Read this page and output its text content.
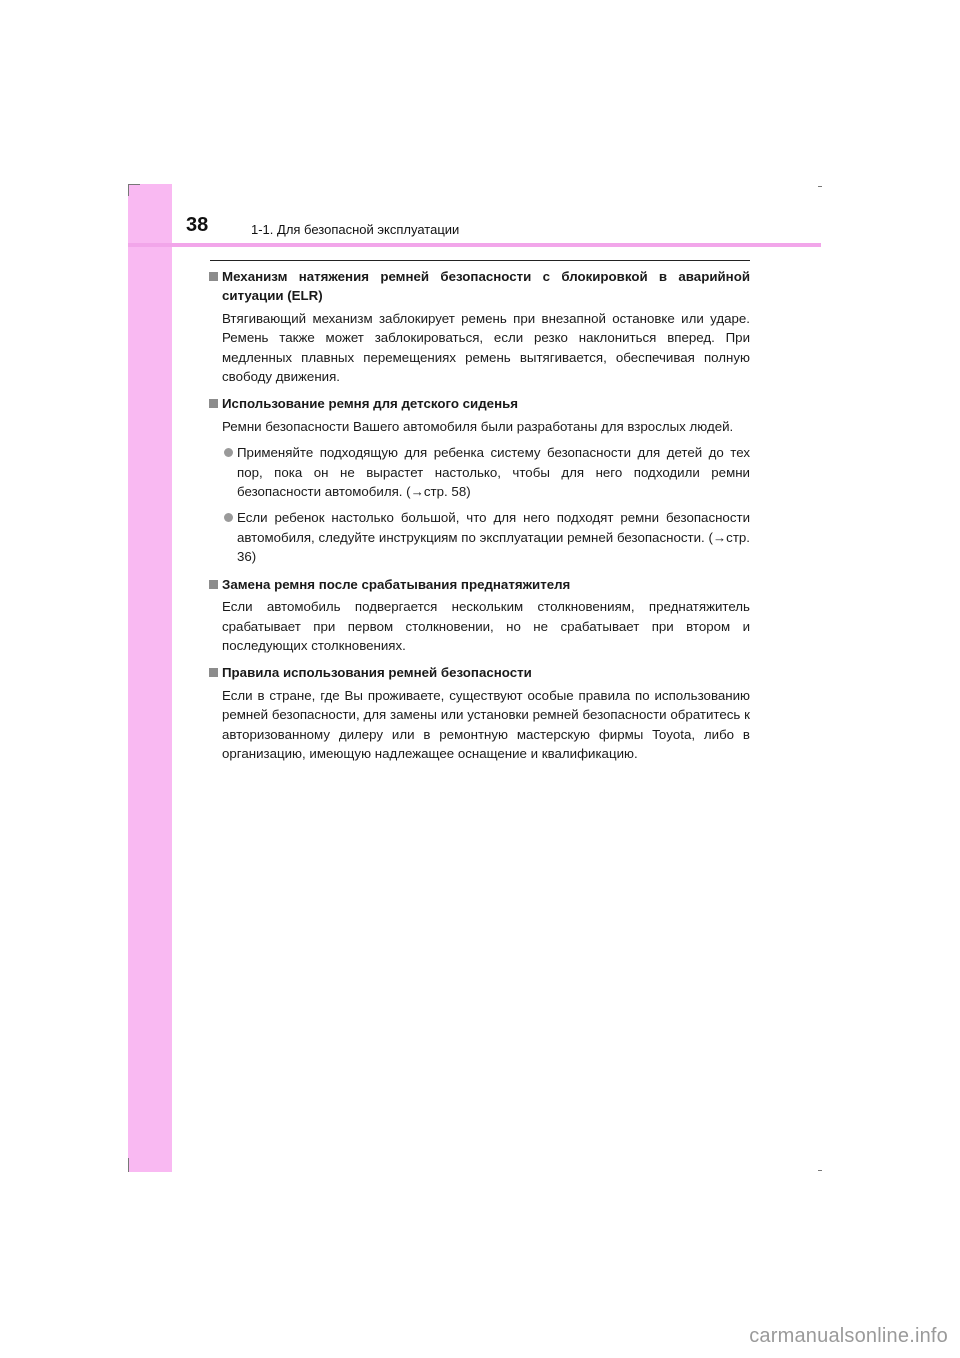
38	1-1. Для безопасной эксплуатации
Механизм натяжения ремней безопасности с блокировкой в аварийной ситуации (ELR)
Втягивающий механизм заблокирует ремень при внезапной остановке или ударе. Ремень также может заблокироваться, если резко наклониться вперед. При медленных плавных перемещениях ремень вытягивается, обеспечивая полную свободу движения.
Использование ремня для детского сиденья
Ремни безопасности Вашего автомобиля были разработаны для взрослых людей.
Применяйте подходящую для ребенка систему безопасности для детей до тех пор, пока он не вырастет настолько, чтобы для него подходили ремни безопасности автомобиля. (→стр. 58)
Если ребенок настолько большой, что для него подходят ремни безопасности автомобиля, следуйте инструкциям по эксплуатации ремней безопасности. (→стр. 36)
Замена ремня после срабатывания преднатяжителя
Если автомобиль подвергается нескольким столкновениям, преднатяжитель срабатывает при первом столкновении, но не срабатывает при втором и последующих столкновениях.
Правила использования ремней безопасности
Если в стране, где Вы проживаете, существуют особые правила по использованию ремней безопасности, для замены или установки ремней безопасности обратитесь к авторизованному дилеру или в ремонтную мастерскую фирмы Toyota, либо в организацию, имеющую надлежащее оснащение и квалификацию.
carmanualsonline.info
